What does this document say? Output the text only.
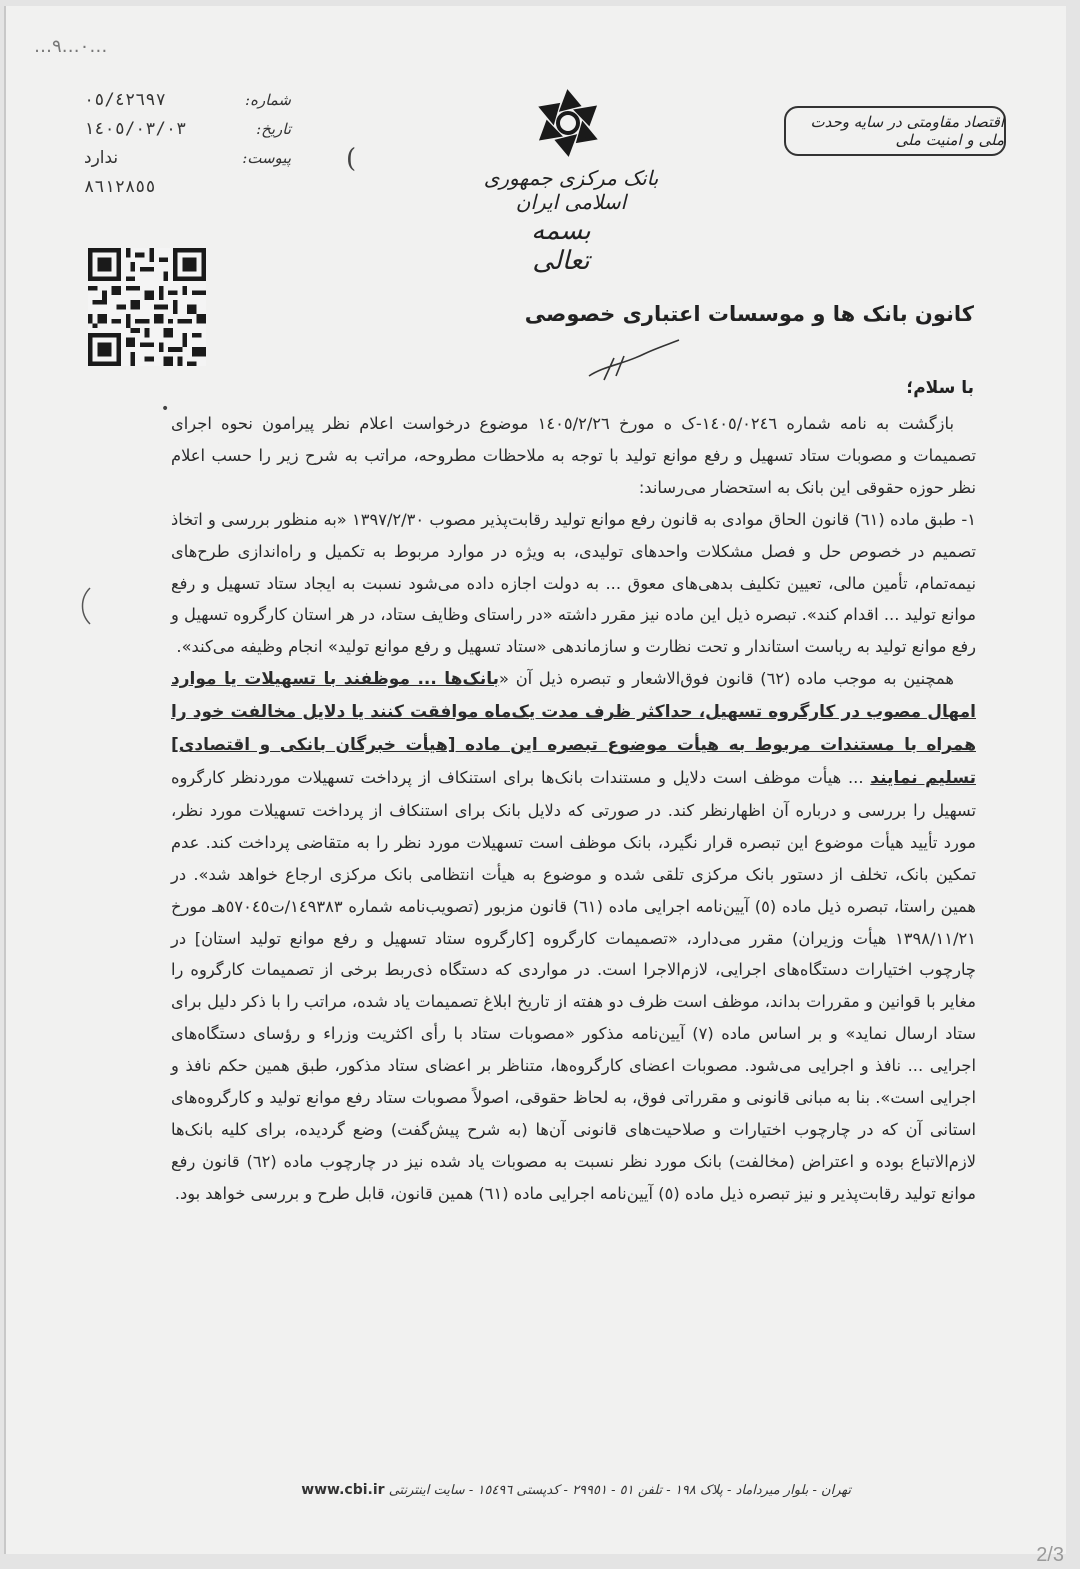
…٠…٩…
٠٥/٤٢٦٩٧
١٤٠٥/٠٣/٠٣
ندارد
٨٦١٢٨٥٥
شماره:
تاریخ:
پیوست: (
بانک مرکزی جمهوری اسلامی ایران
بسمه تعالی
اقتصاد مقاومتی در سایه وحدت ملی و امنیت ملی
کانون بانک ها و موسسات اعتباری خصوصی
با سلام؛
•

بازگشت به نامه شماره ١٤٠٥/٠٢٤٦-ک ه مورخ ١٤٠٥/٢/٢٦ موضوع درخواست اعلام نظر پیرامون نحوه اجرای تصمیمات و مصوبات ستاد تسهیل و رفع موانع تولید با توجه به ملاحظات مطروحه، مراتب به شرح زیر را حسب اعلام نظر حوزه حقوقی این بانک به استحضار می‌رساند:

١- طبق ماده (٦١) قانون الحاق موادی به قانون رفع موانع تولید رقابت‌پذیر مصوب ١٣٩٧/٢/٣٠ «به منظور بررسی و اتخاذ تصمیم در خصوص حل و فصل مشکلات واحدهای تولیدی، به ویژه در موارد مربوط به تکمیل و راه‌اندازی طرح‌های نیمه‌تمام، تأمین مالی، تعیین تکلیف بدهی‌های معوق ... به دولت اجازه داده می‌شود نسبت به ایجاد ستاد تسهیل و رفع موانع تولید ... اقدام کند». تبصره ذیل این ماده نیز مقرر داشته «در راستای وظایف ستاد، در هر استان کارگروه تسهیل و رفع موانع تولید به ریاست استاندار و تحت نظارت و سازماندهی «ستاد تسهیل و رفع موانع تولید» انجام وظیفه می‌کند».

همچنین به موجب ماده (٦٢) قانون فوق‌الاشعار و تبصره ذیل آن «بانک‌ها ... موظفند با تسهیلات یا موارد امهال مصوب در کارگروه تسهیل، حداکثر ظرف مدت یک‌ماه موافقت کنند یا دلایل مخالفت خود را همراه با مستندات مربوط به هیأت موضوع تبصره این ماده [هیأت خبرگان بانکی و اقتصادی] تسلیم نمایند ... هیأت موظف است دلایل و مستندات بانک‌ها برای استنکاف از پرداخت تسهیلات موردنظر کارگروه تسهیل را بررسی و درباره آن اظهارنظر کند. در صورتی که دلایل بانک برای استنکاف از پرداخت تسهیلات مورد نظر، مورد تأیید هیأت موضوع این تبصره قرار نگیرد، بانک موظف است تسهیلات مورد نظر را به متقاضی پرداخت کند. عدم تمکین بانک، تخلف از دستور بانک مرکزی تلقی شده و موضوع به هیأت انتظامی بانک مرکزی ارجاع خواهد شد». در همین راستا، تبصره ذیل ماده (٥) آیین‌نامه اجرایی ماده (٦١) قانون مزبور (تصویب‌نامه شماره ١٤٩٣٨٣/ت٥٧٠٤٥هـ مورخ ١٣٩٨/١١/٢١ هیأت وزیران) مقرر می‌دارد، «تصمیمات کارگروه [کارگروه ستاد تسهیل و رفع موانع تولید استان] در چارچوب اختیارات دستگاه‌های اجرایی، لازم‌الاجرا است. در مواردی که دستگاه ذی‌ربط برخی از تصمیمات کارگروه را مغایر با قوانین و مقررات بداند، موظف است ظرف دو هفته از تاریخ ابلاغ تصمیمات یاد شده، مراتب را با ذکر دلیل برای ستاد ارسال نماید» و بر اساس ماده (٧) آیین‌نامه مذکور «مصوبات ستاد با رأی اکثریت وزراء و رؤسای دستگاه‌های اجرایی ... نافذ و اجرایی می‌شود. مصوبات اعضای کارگروه‌ها، متناظر بر اعضای ستاد مذکور، طبق همین حکم نافذ و اجرایی است». بنا به مبانی قانونی و مقرراتی فوق، به لحاظ حقوقی، اصولاً مصوبات ستاد رفع موانع تولید و کارگروه‌های استانی آن که در چارچوب اختیارات و صلاحیت‌های قانونی آن‌ها (به شرح پیش‌گفت) وضع گردیده، برای کلیه بانک‌ها لازم‌الاتباع بوده و اعتراض (مخالفت) بانک مورد نظر نسبت به مصوبات یاد شده نیز در چارچوب ماده (٦٢) قانون رفع موانع تولید رقابت‌پذیر و نیز تبصره ذیل ماده (٥) آیین‌نامه اجرایی ماده (٦١) همین قانون، قابل طرح و بررسی خواهد بود.

تهران - بلوار میرداماد - پلاک ١٩٨ - تلفن ٥١ - ٢٩٩٥١ - کدپستی ١٥٤٩٦ - سایت اینترنتی www.cbi.ir
2/3
